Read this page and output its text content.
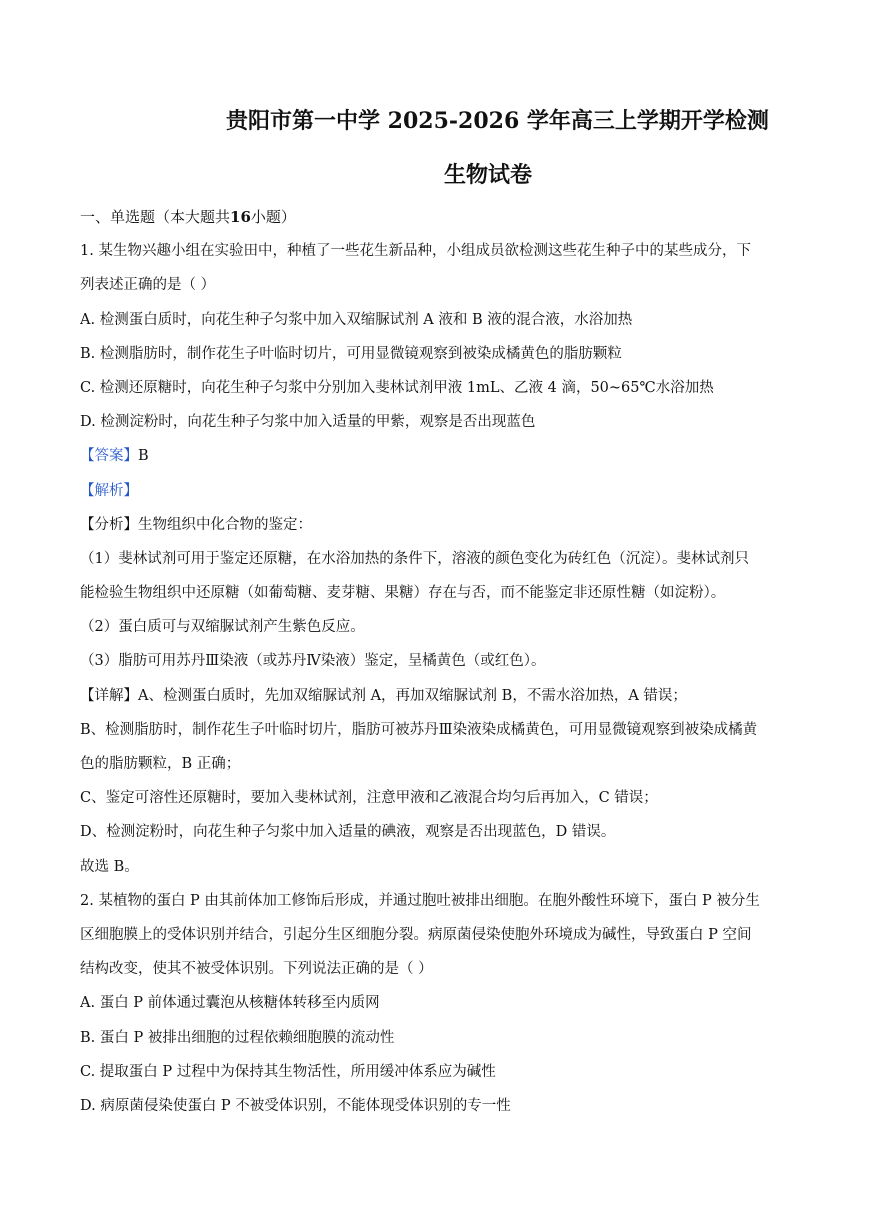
贵阳市第一中学 2025-2026 学年高三上学期开学检测
生物试卷
一、单选题（本大题共16小题）
1. 某生物兴趣小组在实验田中，种植了一些花生新品种，小组成员欲检测这些花生种子中的某些成分，下
列表述正确的是（ ）
A. 检测蛋白质时，向花生种子匀浆中加入双缩脲试剂 A 液和 B 液的混合液，水浴加热
B. 检测脂肪时，制作花生子叶临时切片，可用显微镜观察到被染成橘黄色的脂肪颗粒
C. 检测还原糖时，向花生种子匀浆中分别加入斐林试剂甲液 1mL、乙液 4 滴，50~65℃水浴加热
D. 检测淀粉时，向花生种子匀浆中加入适量的甲紫，观察是否出现蓝色
【答案】B
【解析】
【分析】生物组织中化合物的鉴定：
（1）斐林试剂可用于鉴定还原糖，在水浴加热的条件下，溶液的颜色变化为砖红色（沉淀）。斐林试剂只
能检验生物组织中还原糖（如葡萄糖、麦芽糖、果糖）存在与否，而不能鉴定非还原性糖（如淀粉）。
（2）蛋白质可与双缩脲试剂产生紫色反应。
（3）脂肪可用苏丹Ⅲ染液（或苏丹Ⅳ染液）鉴定，呈橘黄色（或红色）。
【详解】A、检测蛋白质时，先加双缩脲试剂 A，再加双缩脲试剂 B，不需水浴加热，A 错误；
B、检测脂肪时，制作花生子叶临时切片，脂肪可被苏丹Ⅲ染液染成橘黄色，可用显微镜观察到被染成橘黄
色的脂肪颗粒，B 正确；
C、鉴定可溶性还原糖时，要加入斐林试剂，注意甲液和乙液混合均匀后再加入，C 错误；
D、检测淀粉时，向花生种子匀浆中加入适量的碘液，观察是否出现蓝色，D 错误。
故选 B。
2. 某植物的蛋白 P 由其前体加工修饰后形成，并通过胞吐被排出细胞。在胞外酸性环境下，蛋白 P 被分生
区细胞膜上的受体识别并结合，引起分生区细胞分裂。病原菌侵染使胞外环境成为碱性，导致蛋白 P 空间
结构改变，使其不被受体识别。下列说法正确的是（ ）
A. 蛋白 P 前体通过囊泡从核糖体转移至内质网
B. 蛋白 P 被排出细胞的过程依赖细胞膜的流动性
C. 提取蛋白 P 过程中为保持其生物活性，所用缓冲体系应为碱性
D. 病原菌侵染使蛋白 P 不被受体识别，不能体现受体识别的专一性
